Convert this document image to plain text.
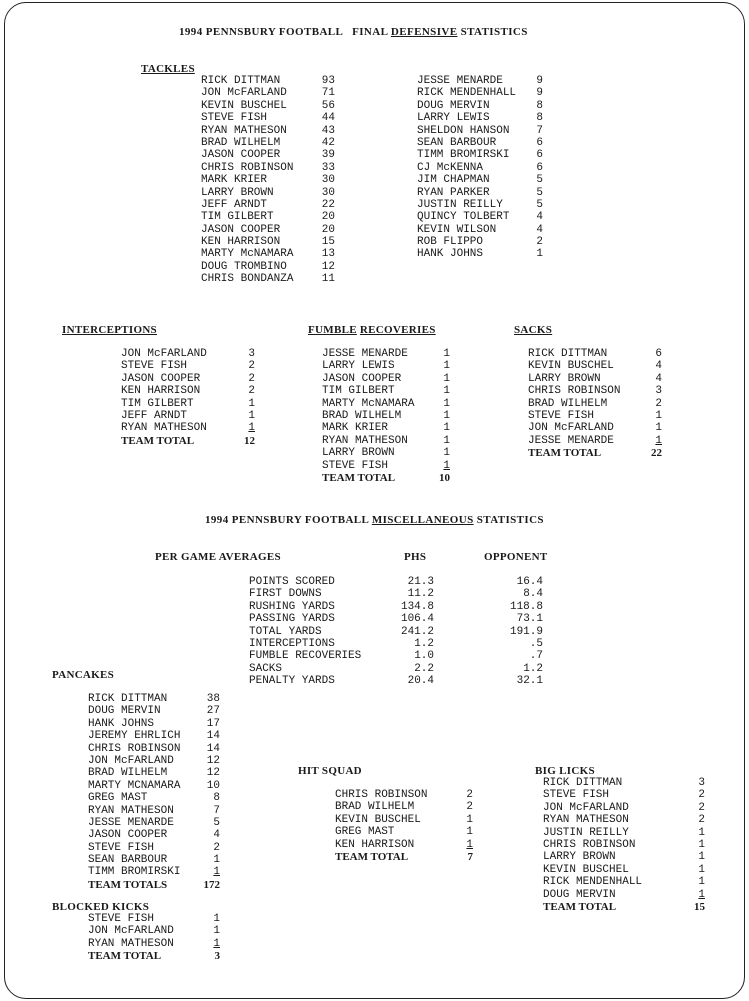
1994 PENNSBURY FOOTBALL FINAL DEFENSIVE STATISTICS
TACKLES
RICK DITTMAN	93
JON McFARLAND	71
KEVIN BUSCHEL	56
STEVE FISH	44
RYAN MATHESON	43
BRAD WILHELM	42
JASON COOPER	39
CHRIS ROBINSON	33
MARK KRIER	30
LARRY BROWN	30
JEFF ARNDT	22
TIM GILBERT	20
JASON COOPER	20
KEN HARRISON	15
MARTY McNAMARA	13
DOUG TROMBINO	12
CHRIS BONDANZA	11
JESSE MENARDE	9
RICK MENDENHALL 9
DOUG MERVIN	8
LARRY LEWIS	8
SHELDON HANSON 7
SEAN BARBOUR	6
TIMM BROMIRSKI 6
CJ McKENNA	6
JIM CHAPMAN	5
RYAN PARKER	5
JUSTIN REILLY	5
QUINCY TOLBERT 4
KEVIN WILSON	4
ROB FLIPPO	2
HANK JOHNS	1
INTERCEPTIONS
JON McFARLAND	3
STEVE FISH	2
JASON COOPER	2
KEN HARRISON	2
TIM GILBERT	1
JEFF ARNDT	1
RYAN MATHESON	1
TEAM TOTAL	12
FUMBLE RECOVERIES
JESSE MENARDE	1
LARRY LEWIS	1
JASON COOPER	1
TIM GILBERT	1
MARTY McNAMARA	1
BRAD WILHELM	1
MARK KRIER	1
RYAN MATHESON	1
LARRY BROWN	1
STEVE FISH	1
TEAM TOTAL	10
SACKS
RICK DITTMAN	6
KEVIN BUSCHEL	4
LARRY BROWN	4
CHRIS ROBINSON	3
BRAD WILHELM	2
STEVE FISH	1
JON McFARLAND	1
JESSE MENARDE	1
TEAM TOTAL	22
1994 PENNSBURY FOOTBALL MISCELLANEOUS STATISTICS
PER GAME AVERAGES	PHS	OPPONENT
POINTS SCORED	21.3	16.4
FIRST DOWNS	11.2	8.4
RUSHING YARDS	134.8	118.8
PASSING YARDS	106.4	73.1
TOTAL YARDS	241.2	191.9
INTERCEPTIONS	1.2	.5
FUMBLE RECOVERIES	1.0	.7
SACKS	2.2	1.2
PENALTY YARDS	20.4	32.1
PANCAKES
RICK DITTMAN	38
DOUG MERVIN	27
HANK JOHNS	17
JEREMY EHRLICH	14
CHRIS ROBINSON	14
JON McFARLAND	12
BRAD WILHELM	12
MARTY MCNAMARA	10
GREG MAST	8
RYAN MATHESON	7
JESSE MENARDE	5
JASON COOPER	4
STEVE FISH	2
SEAN BARBOUR	1
TIMM BROMIRSKI	1
TEAM TOTALS	172
BLOCKED KICKS
STEVE FISH	1
JON McFARLAND	1
RYAN MATHESON	1
TEAM TOTAL	3
HIT SQUAD
CHRIS ROBINSON	2
BRAD WILHELM	2
KEVIN BUSCHEL	1
GREG MAST	1
KEN HARRISON	1
TEAM TOTAL	7
BIG LICKS
RICK DITTMAN	3
STEVE FISH	2
JON McFARLAND	2
RYAN MATHESON	2
JUSTIN REILLY	1
CHRIS ROBINSON	1
LARRY BROWN	1
KEVIN BUSCHEL	1
RICK MENDENHALL	1
DOUG MERVIN	1
TEAM TOTAL	15
